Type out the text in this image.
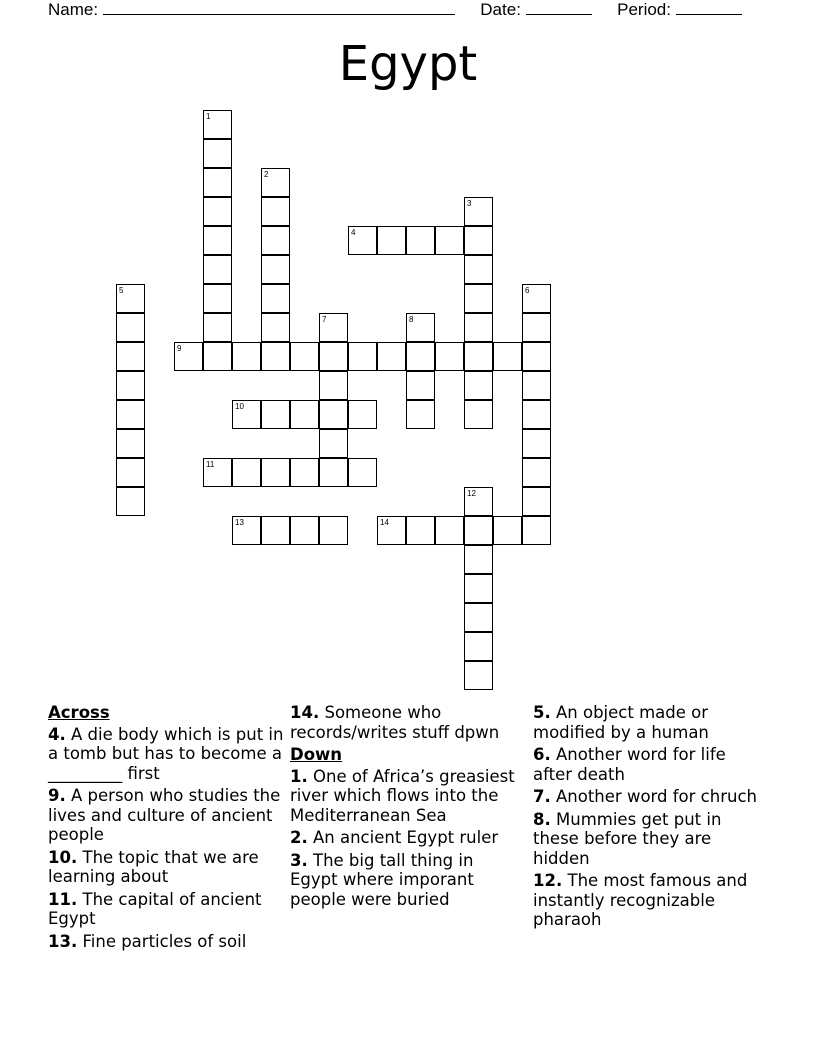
Name:	Date:	Period:
Egypt
1
2
3
4
5	6
7	8
9
10
11
12
13	14
Across
4. A die body which is put in a tomb but has to become a _________ first
9. A person who studies the lives and culture of ancient people
10. The topic that we are learning about
11. The capital of ancient Egypt
13. Fine particles of soil
14. Someone who records/writes stuff dpwn
Down
1. One of Africa’s greasiest river which flows into the Mediterranean Sea
2. An ancient Egypt ruler
3. The big tall thing in Egypt where imporant people were buried
5. An object made or modified by a human
6. Another word for life after death
7. Another word for chruch
8. Mummies get put in these before they are hidden
12. The most famous and instantly recognizable pharaoh
